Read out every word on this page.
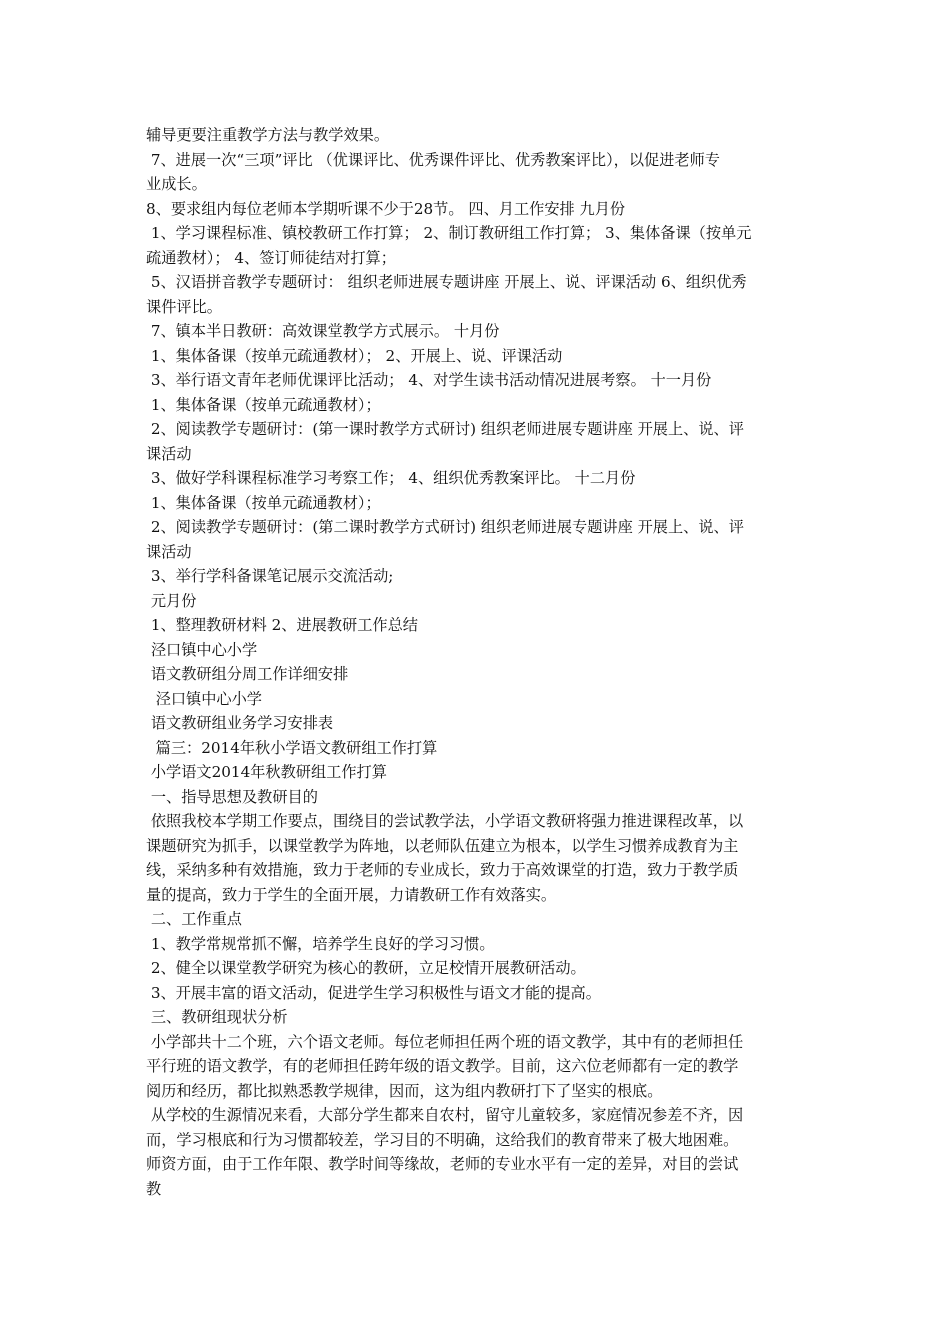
辅导更要注重教学方法与教学效果。
7、进展一次“三项”评比 （优课评比、优秀课件评比、优秀教案评比），以促进老师专
业成长。
8、要求组内每位老师本学期听课不少于28节。 四、月工作安排 九月份
1、学习课程标准、镇校教研工作打算； 2、制订教研组工作打算； 3、集体备课（按单元
疏通教材）； 4、签订师徒结对打算；
5、汉语拼音教学专题研讨： 组织老师进展专题讲座 开展上、说、评课活动 6、组织优秀
课件评比。
7、镇本半日教研：高效课堂教学方式展示。 十月份
1、集体备课（按单元疏通教材）； 2、开展上、说、评课活动
3、举行语文青年老师优课评比活动； 4、对学生读书活动情况进展考察。 十一月份
1、集体备课（按单元疏通教材）；
2、阅读教学专题研讨：(第一课时教学方式研讨) 组织老师进展专题讲座 开展上、说、评
课活动
3、做好学科课程标准学习考察工作； 4、组织优秀教案评比。 十二月份
1、集体备课（按单元疏通教材）；
2、阅读教学专题研讨：(第二课时教学方式研讨) 组织老师进展专题讲座 开展上、说、评
课活动
3、举行学科备课笔记展示交流活动;
元月份
1、整理教研材料 2、进展教研工作总结
泾口镇中心小学
语文教研组分周工作详细安排
泾口镇中心小学
语文教研组业务学习安排表
篇三：2014年秋小学语文教研组工作打算
小学语文2014年秋教研组工作打算
一、指导思想及教研目的
依照我校本学期工作要点，围绕目的尝试教学法，小学语文教研将强力推进课程改革，以
课题研究为抓手，以课堂教学为阵地，以老师队伍建立为根本，以学生习惯养成教育为主
线，采纳多种有效措施，致力于老师的专业成长，致力于高效课堂的打造，致力于教学质
量的提高，致力于学生的全面开展，力请教研工作有效落实。
二、工作重点
1、教学常规常抓不懈，培养学生良好的学习习惯。
2、健全以课堂教学研究为核心的教研，立足校情开展教研活动。
3、开展丰富的语文活动，促进学生学习积极性与语文才能的提高。
三、教研组现状分析
小学部共十二个班，六个语文老师。每位老师担任两个班的语文教学，其中有的老师担任
平行班的语文教学，有的老师担任跨年级的语文教学。目前，这六位老师都有一定的教学
阅历和经历，都比拟熟悉教学规律，因而，这为组内教研打下了坚实的根底。
从学校的生源情况来看，大部分学生都来自农村，留守儿童较多，家庭情况参差不齐，因
而，学习根底和行为习惯都较差，学习目的不明确，这给我们的教育带来了极大地困难。
师资方面，由于工作年限、教学时间等缘故，老师的专业水平有一定的差异，对目的尝试
教
